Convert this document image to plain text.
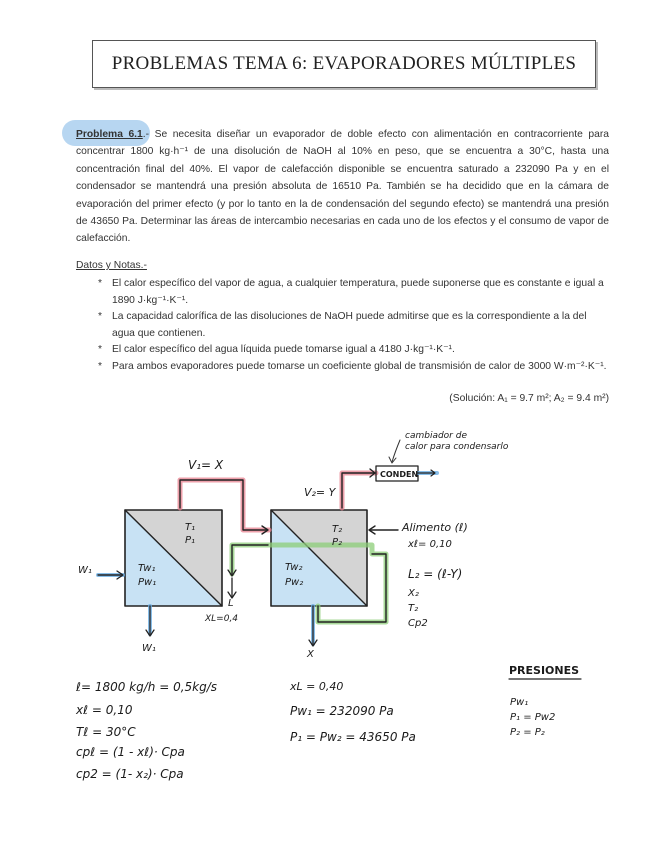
PROBLEMAS TEMA 6: EVAPORADORES MÚLTIPLES
Problema 6.1.- Se necesita diseñar un evaporador de doble efecto con alimentación en contracorriente para concentrar 1800 kg·h⁻¹ de una disolución de NaOH al 10% en peso, que se encuentra a 30°C, hasta una concentración final del 40%. El vapor de calefacción disponible se encuentra saturado a 232090 Pa y en el condensador se mantendrá una presión absoluta de 16510 Pa. También se ha decidido que en la cámara de evaporación del primer efecto (y por lo tanto en la de condensación del segundo efecto) se mantendrá una presión de 43650 Pa. Determinar las áreas de intercambio necesarias en cada uno de los efectos y el consumo de vapor de calefacción.
Datos y Notas.-
* El calor específico del vapor de agua, a cualquier temperatura, puede suponerse que es constante e igual a 1890 J·kg⁻¹·K⁻¹.
* La capacidad calorífica de las disoluciones de NaOH puede admitirse que es la correspondiente a la del agua que contienen.
* El calor específico del agua líquida puede tomarse igual a 4180 J·kg⁻¹·K⁻¹.
* Para ambos evaporadores puede tomarse un coeficiente global de transmisión de calor de 3000 W·m⁻²·K⁻¹.
(Solución: A₁ = 9.7 m²; A₂ = 9.4 m²)
cambiador de
calor para condensarlo
CONDEN
V₁= X
V₂= Y
T₁
P₁
Tw₁
Pw₁
T₂
P₂
Tw₂
Pw₂
W₁
W₁
L
XL=0,4
X
Alimento (ℓ)
xℓ= 0,10
L₂ = (ℓ-Y)
X₂
T₂
Cp2
ℓ= 1800 kg/h = 0,5kg/s
xℓ = 0,10
Tℓ = 30°C
cpℓ = (1 - xℓ)· Cpa
cp2 = (1- x₂)· Cpa
xL = 0,40
Pw₁ = 232090 Pa
P₁ = Pw₂ = 43650 Pa
PRESIONES
Pw₁
P₁ = Pw2
P₂ = P₂
